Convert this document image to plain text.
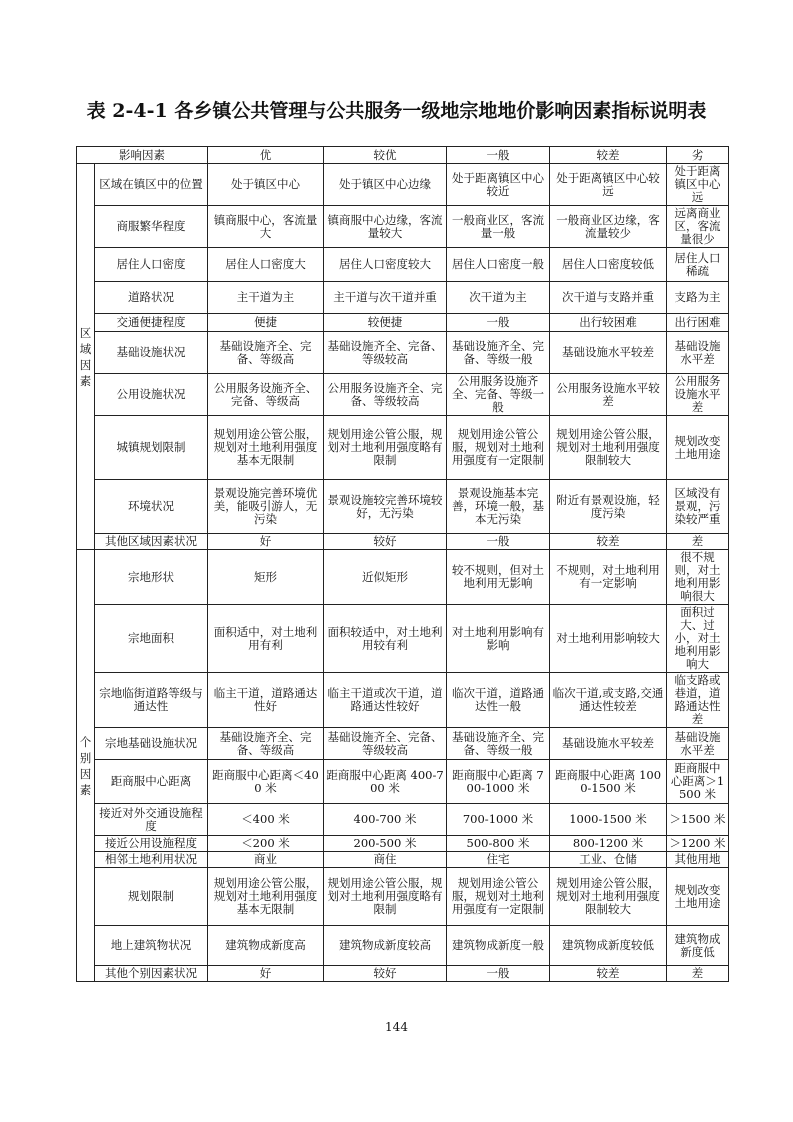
表 2-4-1 各乡镇公共管理与公共服务一级地宗地地价影响因素指标说明表
影响因素		优	较优	一般	较差	劣
区域因素	区域在镇区中的位置	处于镇区中心	处于镇区中心边缘	处于距离镇区中心较近	处于距离镇区中心较远	处于距离镇区中心远
	商服繁华程度	镇商服中心，客流量大	镇商服中心边缘，客流量较大	一般商业区，客流量一般	一般商业区边缘，客流量较少	远离商业区，客流量很少
	居住人口密度	居住人口密度大	居住人口密度较大	居住人口密度一般	居住人口密度较低	居住人口稀疏
	道路状况	主干道为主	主干道与次干道并重	次干道为主	次干道与支路并重	支路为主
	交通便捷程度	便捷	较便捷	一般	出行较困难	出行困难
	基础设施状况	基础设施齐全、完备、等级高	基础设施齐全、完备、等级较高	基础设施齐全、完备、等级一般	基础设施水平较差	基础设施水平差
	公用设施状况	公用服务设施齐全、完备、等级高	公用服务设施齐全、完备、等级较高	公用服务设施齐全、完备、等级一般	公用服务设施水平较差	公用服务设施水平差
	城镇规划限制	规划用途公管公服，规划对土地利用强度基本无限制	规划用途公管公服，规划对土地利用强度略有限制	规划用途公管公服，规划对土地利用强度有一定限制	规划用途公管公服，规划对土地利用强度限制较大	规划改变土地用途
	环境状况	景观设施完善环境优美，能吸引游人，无污染	景观设施较完善环境较好，无污染	景观设施基本完善，环境一般，基本无污染	附近有景观设施，轻度污染	区域没有景观，污染较严重
	其他区域因素状况	好	较好	一般	较差	差
个别因素	宗地形状	矩形	近似矩形	较不规则，但对土地利用无影响	不规则，对土地利用有一定影响	很不规则，对土地利用影响很大
	宗地面积	面积适中，对土地利用有利	面积较适中，对土地利用较有利	对土地利用影响有影响	对土地利用影响较大	面积过大、过小，对土地利用影响大
	宗地临街道路等级与通达性	临主干道，道路通达性好	临主干道或次干道，道路通达性较好	临次干道，道路通达性一般	临次干道,或支路,交通通达性较差	临支路或巷道，道路通达性差
	宗地基础设施状况	基础设施齐全、完备、等级高	基础设施齐全、完备、等级较高	基础设施齐全、完备、等级一般	基础设施水平较差	基础设施水平差
	距商服中心距离	距商服中心距离＜400 米	距商服中心距离 400-700 米	距商服中心距离 700-1000 米	距商服中心距离 1000-1500 米	距商服中心距离＞1500 米
	接近对外交通设施程度	＜400 米	400-700 米	700-1000 米	1000-1500 米	＞1500 米
	接近公用设施程度	＜200 米	200-500 米	500-800 米	800-1200 米	＞1200 米
	相邻土地利用状况	商业	商住	住宅	工业、仓储	其他用地
	规划限制	规划用途公管公服，规划对土地利用强度基本无限制	规划用途公管公服，规划对土地利用强度略有限制	规划用途公管公服，规划对土地利用强度有一定限制	规划用途公管公服，规划对土地利用强度限制较大	规划改变土地用途
	地上建筑物状况	建筑物成新度高	建筑物成新度较高	建筑物成新度一般	建筑物成新度较低	建筑物成新度低
	其他个别因素状况	好	较好	一般	较差	差
144
